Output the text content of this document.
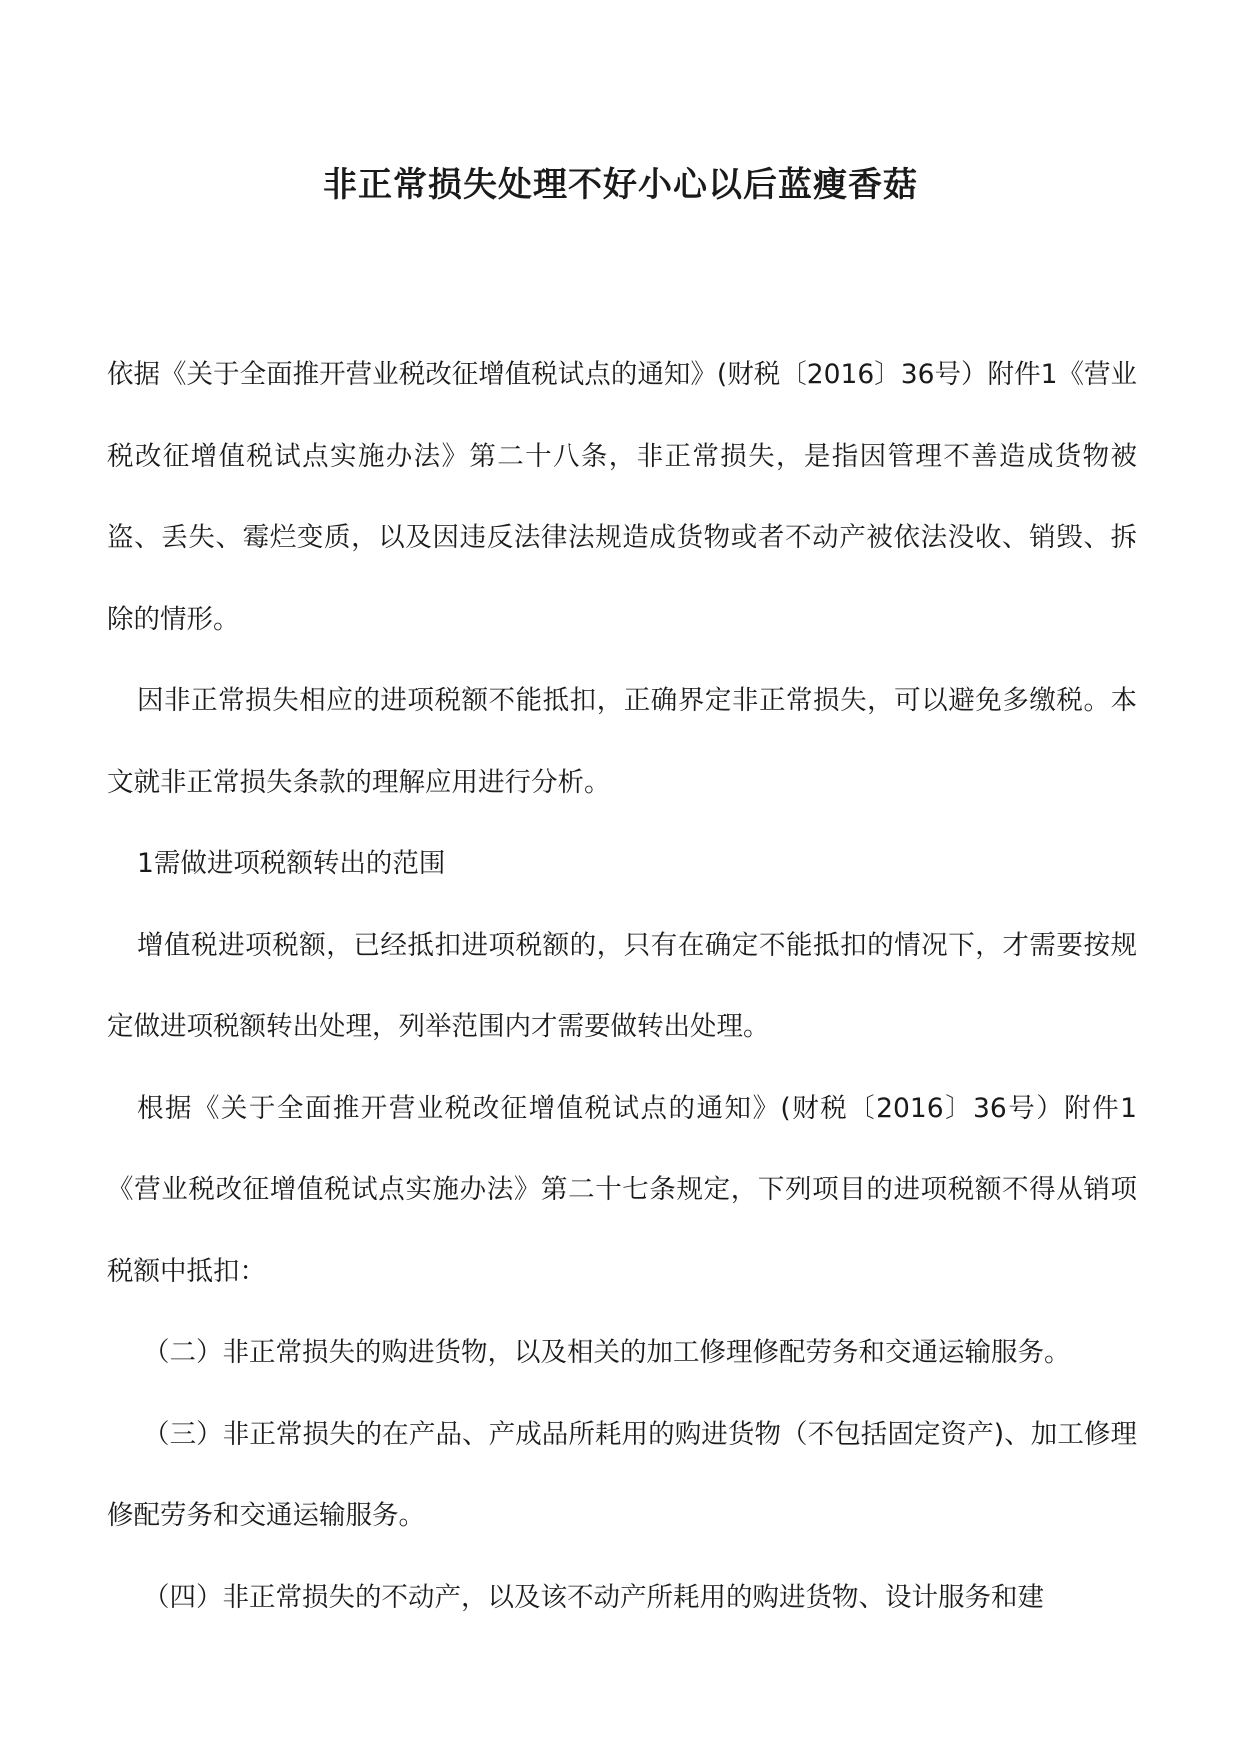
非正常损失处理不好小心以后蓝瘦香菇

依据《关于全面推开营业税改征增值税试点的通知》(财税〔2016〕36号）附件1《营业税改征增值税试点实施办法》第二十八条，非正常损失，是指因管理不善造成货物被盗、丢失、霉烂变质，以及因违反法律法规造成货物或者不动产被依法没收、销毁、拆除的情形。

因非正常损失相应的进项税额不能抵扣，正确界定非正常损失，可以避免多缴税。本文就非正常损失条款的理解应用进行分析。

1需做进项税额转出的范围

增值税进项税额，已经抵扣进项税额的，只有在确定不能抵扣的情况下，才需要按规定做进项税额转出处理，列举范围内才需要做转出处理。

根据《关于全面推开营业税改征增值税试点的通知》(财税〔2016〕36号）附件1《营业税改征增值税试点实施办法》第二十七条规定，下列项目的进项税额不得从销项税额中抵扣：

（二）非正常损失的购进货物，以及相关的加工修理修配劳务和交通运输服务。

（三）非正常损失的在产品、产成品所耗用的购进货物（不包括固定资产)、加工修理修配劳务和交通运输服务。

（四）非正常损失的不动产，以及该不动产所耗用的购进货物、设计服务和建
